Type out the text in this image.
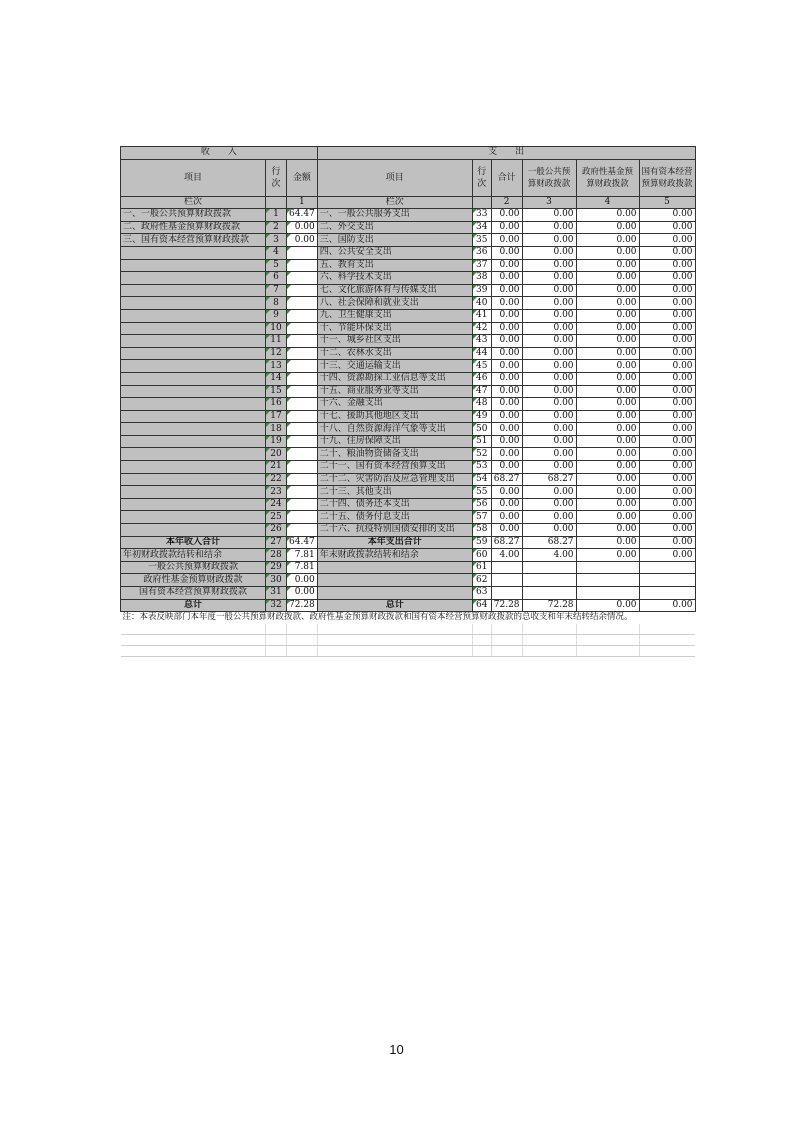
收　　入			支　　出					
项目	行次	金额	项目	行次	合计	一般公共预算财政拨款	政府性基金预算财政拨款	国有资本经营预算财政拨款
栏次		1	栏次		2	3	4	5
一、一般公共预算财政拨款	1	64.47	一、一般公共服务支出	33	0.00	0.00	0.00	0.00
二、政府性基金预算财政拨款	2	0.00	二、外交支出	34	0.00	0.00	0.00	0.00
三、国有资本经营预算财政拨款	3	0.00	三、国防支出	35	0.00	0.00	0.00	0.00
	4		四、公共安全支出	36	0.00	0.00	0.00	0.00
	5		五、教育支出	37	0.00	0.00	0.00	0.00
	6		六、科学技术支出	38	0.00	0.00	0.00	0.00
	7		七、文化旅游体育与传媒支出	39	0.00	0.00	0.00	0.00
	8		八、社会保障和就业支出	40	0.00	0.00	0.00	0.00
	9		九、卫生健康支出	41	0.00	0.00	0.00	0.00
	10		十、节能环保支出	42	0.00	0.00	0.00	0.00
	11		十一、城乡社区支出	43	0.00	0.00	0.00	0.00
	12		十二、农林水支出	44	0.00	0.00	0.00	0.00
	13		十三、交通运输支出	45	0.00	0.00	0.00	0.00
	14		十四、资源勘探工业信息等支出	46	0.00	0.00	0.00	0.00
	15		十五、商业服务业等支出	47	0.00	0.00	0.00	0.00
	16		十六、金融支出	48	0.00	0.00	0.00	0.00
	17		十七、援助其他地区支出	49	0.00	0.00	0.00	0.00
	18		十八、自然资源海洋气象等支出	50	0.00	0.00	0.00	0.00
	19		十九、住房保障支出	51	0.00	0.00	0.00	0.00
	20		二十、粮油物资储备支出	52	0.00	0.00	0.00	0.00
	21		二十一、国有资本经营预算支出	53	0.00	0.00	0.00	0.00
	22		二十二、灾害防治及应急管理支出	54	68.27	68.27	0.00	0.00
	23		二十三、其他支出	55	0.00	0.00	0.00	0.00
	24		二十四、债务还本支出	56	0.00	0.00	0.00	0.00
	25		二十五、债务付息支出	57	0.00	0.00	0.00	0.00
	26		二十六、抗疫特别国债安排的支出	58	0.00	0.00	0.00	0.00
本年收入合计	27	64.47	本年支出合计	59	68.27	68.27	0.00	0.00
年初财政拨款结转和结余	28	7.81	年末财政拨款结转和结余	60	4.00	4.00	0.00	0.00
一般公共预算财政拨款	29	7.81		61				
政府性基金预算财政拨款	30	0.00		62				
国有资本经营预算财政拨款	31	0.00		63				
总计	32	72.28	总计	64	72.28	72.28	0.00	0.00
注：本表反映部门本年度一般公共预算财政拨款、政府性基金预算财政拨款和国有资本经营预算财政拨款的总收支和年末结转结余情况。								

10
